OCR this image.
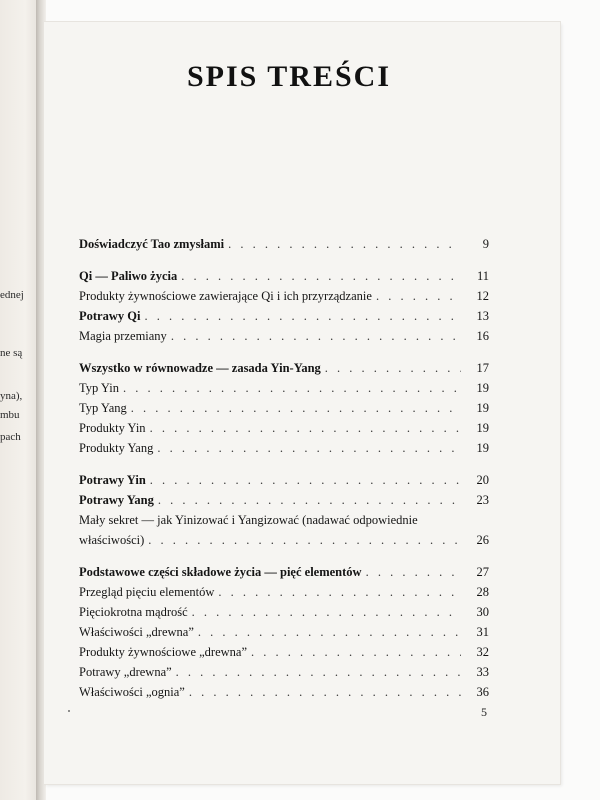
ednej
ne są
yna),
mbu
pach
SPIS TREŚCI
Doświadczyć Tao zmysłami . . .	9
Qi — Paliwo życia . . .	11
Produkty żywnościowe zawierające Qi i ich przyrządzanie . . .	12
Potrawy Qi . . .	13
Magia przemiany . . .	16
Wszystko w równowadze — zasada Yin-Yang . . .	17
Typ Yin . . .	19
Typ Yang . . .	19
Produkty Yin . . .	19
Produkty Yang . . .	19
Potrawy Yin . . .	20
Potrawy Yang . . .	23
Mały sekret — jak Yinizować i Yangizować (nadawać odpowiednie
właściwości) . . .	26
Podstawowe części składowe życia — pięć elementów . . .	27
Przegląd pięciu elementów . . .	28
Pięciokrotna mądrość . . .	30
Właściwości „drewna” . . .	31
Produkty żywnościowe „drewna” . . .	32
Potrawy „drewna” . . .	33
Właściwości „ognia” . . .	36
5
